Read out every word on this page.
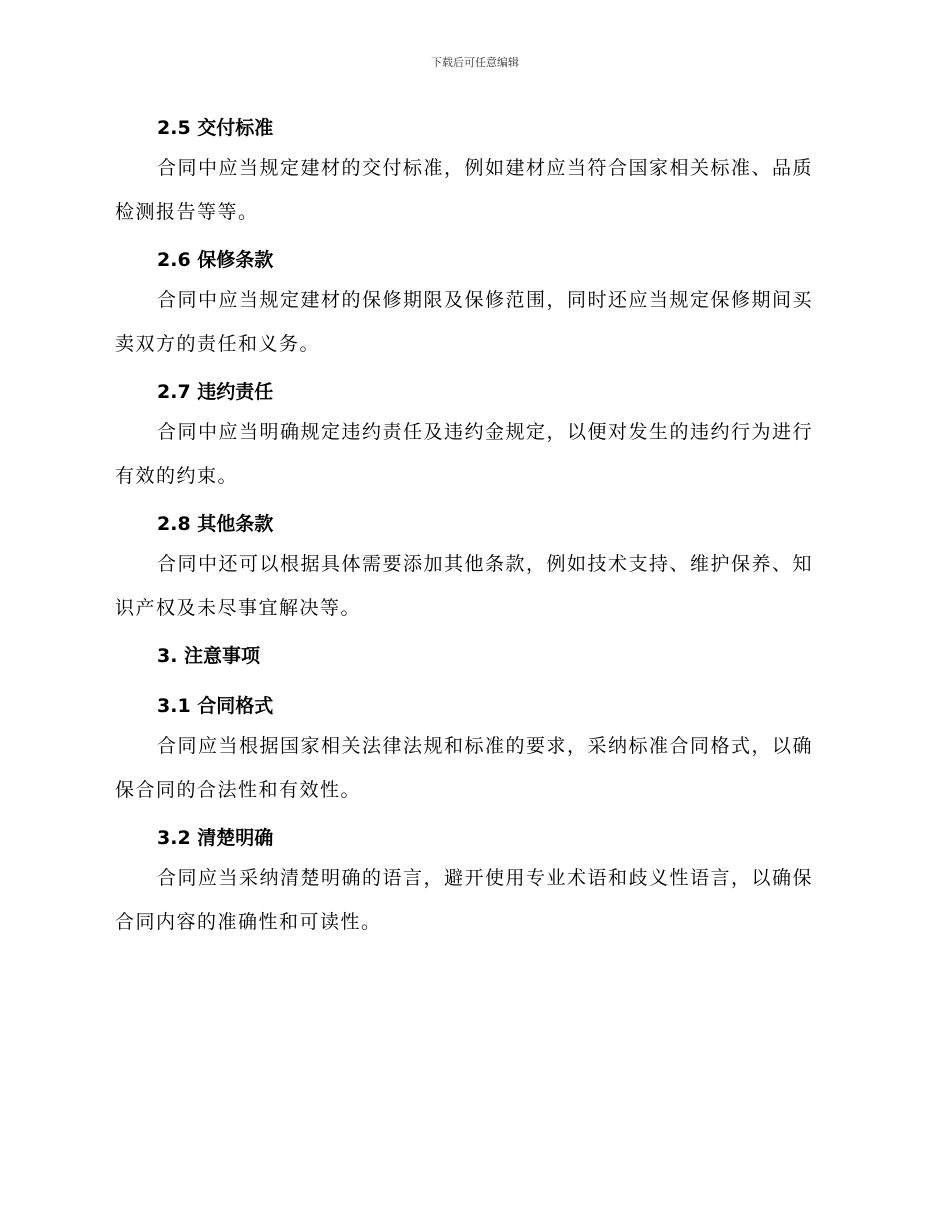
下载后可任意编辑
2.5 交付标准

合同中应当规定建材的交付标准，例如建材应当符合国家相关标准、品质检测报告等等。

2.6 保修条款

合同中应当规定建材的保修期限及保修范围，同时还应当规定保修期间买卖双方的责任和义务。

2.7 违约责任

合同中应当明确规定违约责任及违约金规定，以便对发生的违约行为进行有效的约束。

2.8 其他条款

合同中还可以根据具体需要添加其他条款，例如技术支持、维护保养、知识产权及未尽事宜解决等。

3. 注意事项
3.1 合同格式

合同应当根据国家相关法律法规和标准的要求，采纳标准合同格式，以确保合同的合法性和有效性。

3.2 清楚明确

合同应当采纳清楚明确的语言，避开使用专业术语和歧义性语言，以确保合同内容的准确性和可读性。
